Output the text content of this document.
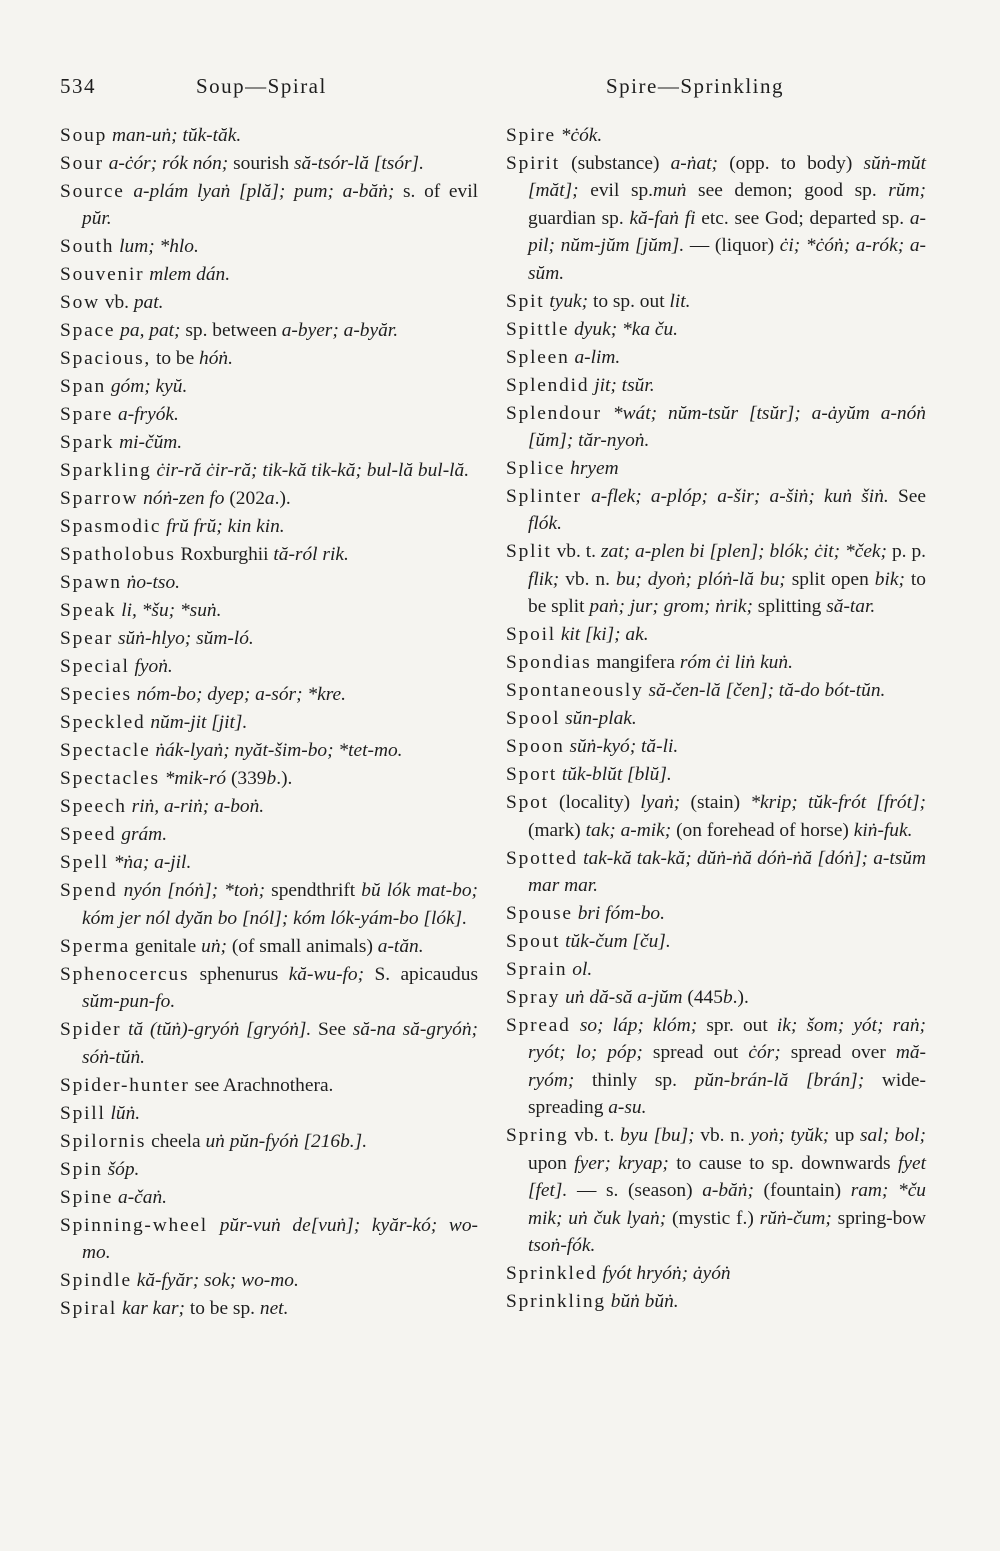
534	Soup—Spiral	Spire—Sprinkling

Soup man-uṅ; tŭk-tăk.

Sour a-ċór; rók nón; sourish să-tsór-lă [tsór].

Source a-plám lyaṅ [plă]; pum; a-băṅ; s. of evil pŭr.

South lum; *hlo.

Souvenir mlem dán.

Sow vb. pat.

Space pa, pat; sp. between a-byer; a-byăr.

Spacious, to be hóṅ.

Span góm; kyŭ.

Spare a-fryók.

Spark mi-čŭm.

Sparkling ċir-ră ċir-ră; tik-kă tik-kă; bul-lă bul-lă.

Sparrow nóṅ-zen fo (202a.).

Spasmodic frŭ frŭ; kin kin.

Spatholobus Roxburghii tă-ról rik.

Spawn ṅo-tso.

Speak li, *šu; *suṅ.

Spear sŭṅ-hlyo; sŭm-ló.

Special fyoṅ.

Species nóm-bo; dyep; a-sór; *kre.

Speckled nŭm-jit [jit].

Spectacle ṅák-lyaṅ; nyăt-šim-bo; *tet-mo.

Spectacles *mik-ró (339b.).

Speech riṅ, a-riṅ; a-boṅ.

Speed grám.

Spell *ṅa; a-jil.

Spend nyón [nóṅ]; *toṅ; spendthrift bŭ lók mat-bo; kóm jer nól dyăn bo [nól]; kóm lók-yám-bo [lók].

Sperma genitale uṅ; (of small animals) a-tăn.

Sphenocercus sphenurus kă-wu-fo; S. apicaudus sŭm-pun-fo.

Spider tă (tŭṅ)-gryóṅ [gryóṅ]. See să-na să-gryóṅ; sóṅ-tŭṅ.

Spider-hunter see Arachnothera.

Spill lŭṅ.

Spilornis cheela uṅ pŭn-fyóṅ [216b.].

Spin šóp.

Spine a-čaṅ.

Spinning-wheel pŭr-vuṅ de[vuṅ]; kyăr-kó; wo-mo.

Spindle kă-fyăr; sok; wo-mo.

Spiral kar kar; to be sp. net.

Spire *ċók.

Spirit (substance) a-ṅat; (opp. to body) sŭṅ-mŭt [măt]; evil sp.muṅ see demon; good sp. rŭm; guardian sp. kă-faṅ fi etc. see God; departed sp. a-pil; nŭm-jŭm [jŭm]. — (liquor) ċi; *ċóṅ; a-rók; a-sŭm.

Spit tyuk; to sp. out lit.

Spittle dyuk; *ka ču.

Spleen a-lim.

Splendid jit; tsŭr.

Splendour *wát; nŭm-tsŭr [tsŭr]; a-ȧyŭm a-nóṅ [ŭm]; tăr-nyoṅ.

Splice hryem

Splinter a-flek; a-plóp; a-šir; a-šiṅ; kuṅ šiṅ. See flók.

Split vb. t. zat; a-plen bi [plen]; blók; ċit; *ček; p. p. flik; vb. n. bu; dyoṅ; plóṅ-lă bu; split open bik; to be split paṅ; jur; grom; ṅrik; splitting să-tar.

Spoil kit [ki]; ak.

Spondias mangifera róm ċi liṅ kuṅ.

Spontaneously să-čen-lă [čen]; tă-do bót-tŭn.

Spool sŭn-plak.

Spoon sŭṅ-kyó; tă-li.

Sport tŭk-blŭt [blŭ].

Spot (locality) lyaṅ; (stain) *krip; tŭk-frót [frót]; (mark) tak; a-mik; (on forehead of horse) kiṅ-fuk.

Spotted tak-kă tak-kă; dŭṅ-ṅă dóṅ-ṅă [dóṅ]; a-tsŭm mar mar.

Spouse bri fóm-bo.

Spout tŭk-čum [ču].

Sprain ol.

Spray uṅ dă-să a-jŭm (445b.).

Spread so; láp; klóm; spr. out ik; šom; yót; raṅ; ryót; lo; póp; spread out ċór; spread over mă-ryóm; thinly sp. pŭn-brán-lă [brán]; wide-spreading a-su.

Spring vb. t. byu [bu]; vb. n. yoṅ; tyŭk; up sal; bol; upon fyer; kryap; to cause to sp. downwards fyet [fet]. — s. (season) a-băṅ; (fountain) ram; *ču mik; uṅ čuk lyaṅ; (mystic f.) rŭṅ-čum; spring-bow tsoṅ-fók.

Sprinkled fyót hryóṅ; ȧyóṅ

Sprinkling bŭṅ bŭṅ.
